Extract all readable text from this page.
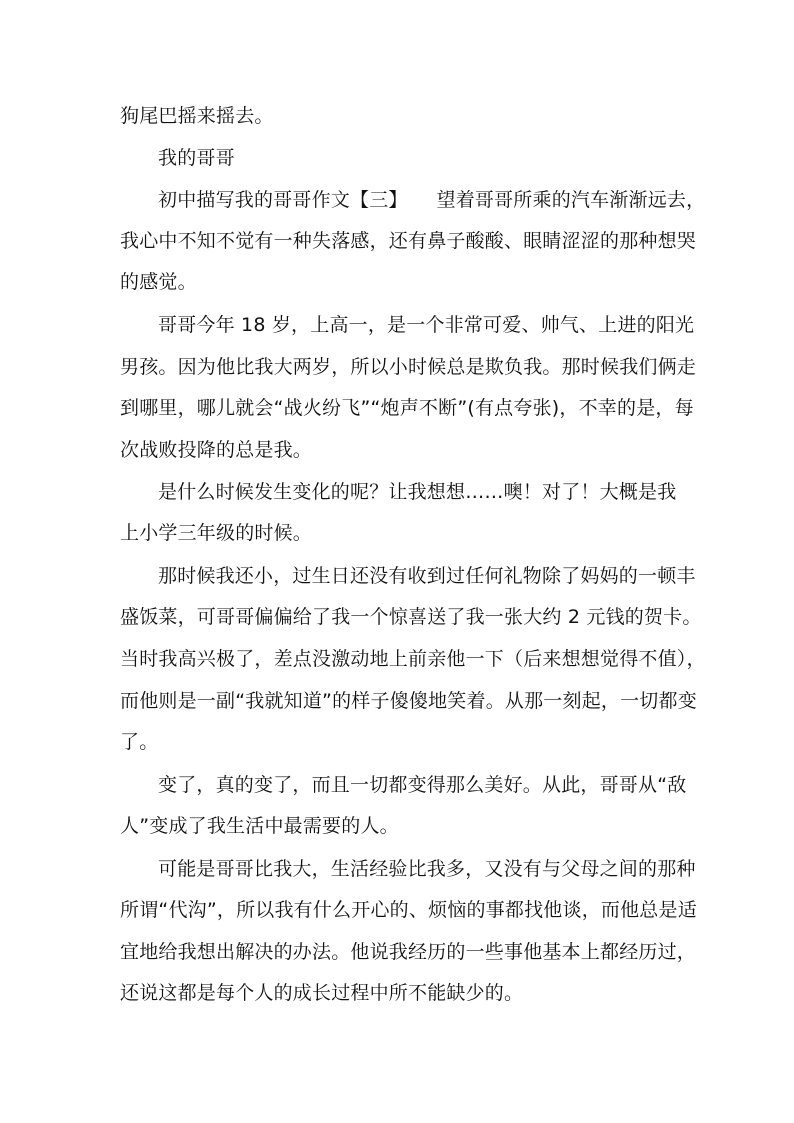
狗尾巴摇来摇去。
我的哥哥
初中描写我的哥哥作文【三】　　望着哥哥所乘的汽车渐渐远去，
我心中不知不觉有一种失落感，还有鼻子酸酸、眼睛涩涩的那种想哭
的感觉。
哥哥今年 18 岁，上高一，是一个非常可爱、帅气、上进的阳光
男孩。因为他比我大两岁，所以小时候总是欺负我。那时候我们俩走
到哪里，哪儿就会“战火纷飞”“炮声不断”(有点夸张)，不幸的是，每
次战败投降的总是我。
是什么时候发生变化的呢？让我想想……噢！对了！大概是我
上小学三年级的时候。
那时候我还小，过生日还没有收到过任何礼物除了妈妈的一顿丰
盛饭菜，可哥哥偏偏给了我一个惊喜送了我一张大约 2 元钱的贺卡。
当时我高兴极了，差点没激动地上前亲他一下（后来想想觉得不值），
而他则是一副“我就知道”的样子傻傻地笑着。从那一刻起，一切都变
了。
变了，真的变了，而且一切都变得那么美好。从此，哥哥从“敌
人”变成了我生活中最需要的人。
可能是哥哥比我大，生活经验比我多，又没有与父母之间的那种
所谓“代沟”，所以我有什么开心的、烦恼的事都找他谈，而他总是适
宜地给我想出解决的办法。他说我经历的一些事他基本上都经历过，
还说这都是每个人的成长过程中所不能缺少的。
